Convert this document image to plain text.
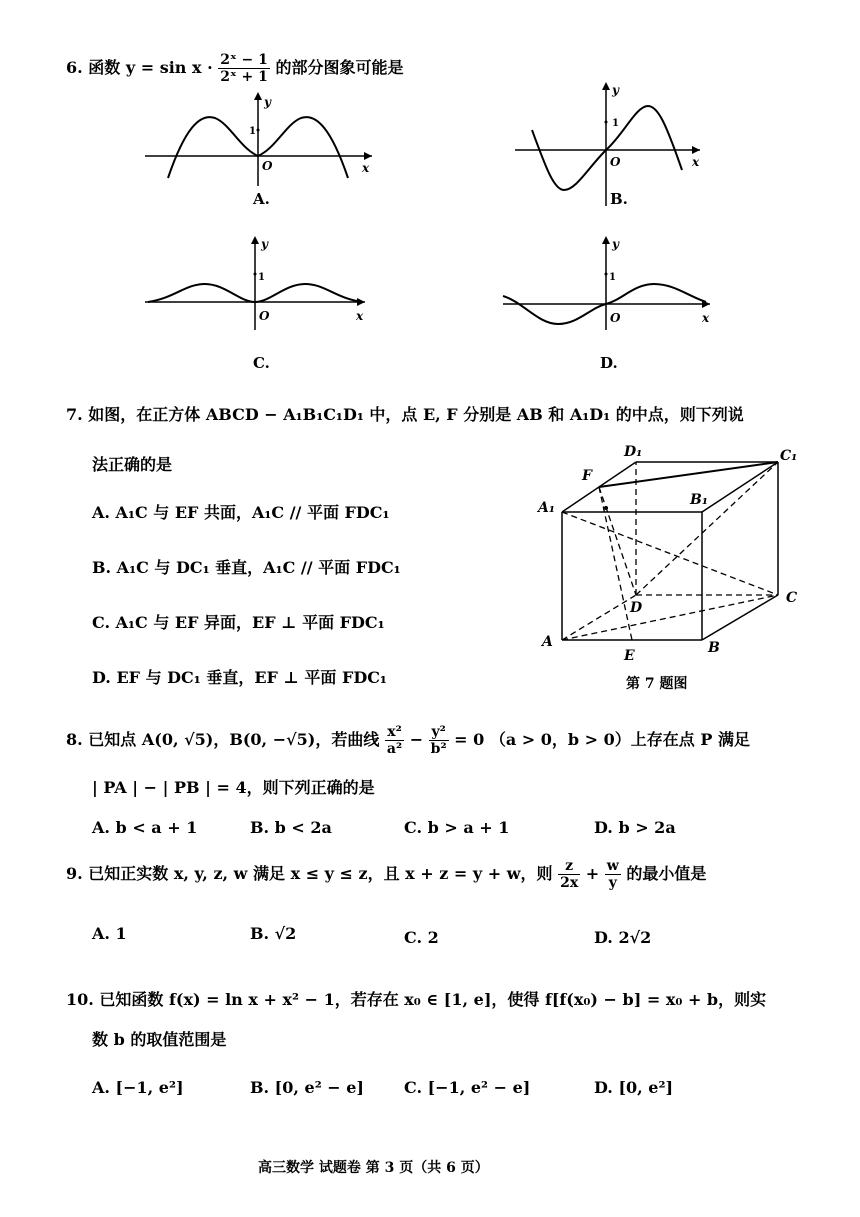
6. 函数 $y = \sin x \cdot \frac{\text{2ˣ − 1}}{\text{2ˣ + 1}}$ 的部分图象可能是
y
1
O	x
A.
y
1
O	x
B.
y
1
O	x
C.
y
1
O	x
D.
7. 如图，在正方体 ABCD − A₁B₁C₁D₁ 中，点 E, F 分别是 AB 和 A₁D₁ 的中点，则下列说
法正确的是
A. A₁C 与 EF 共面，A₁C // 平面 FDC₁
B. A₁C 与 DC₁ 垂直，A₁C // 平面 FDC₁
C. A₁C 与 EF 异面，EF ⊥ 平面 FDC₁
D. EF 与 DC₁ 垂直，EF ⊥ 平面 FDC₁
A	B
C
D
A₁	B₁
C₁
D₁
E
F
第 7 题图
8. 已知点 A(0, √5)，B(0, −√5)，若曲线 $\frac{\text{x²}}{\text{a²}} - \frac{\text{y²}}{\text{b²}} = 0$ （a > 0，b > 0）上存在点 P 满足
| PA | − | PB | = 4，则下列正确的是
A. b < a + 1	B. b < 2a	C. b > a + 1	D. b > 2a
9. 已知正实数 x, y, z, w 满足 x ≤ y ≤ z，且 x + z = y + w，则 $\frac{z}{2x} + \frac{w}{y}$ 的最小值是
A. 1	B. √2	C. 2	D. 2√2
10. 已知函数 f(x) = ln x + x² − 1，若存在 x₀ ∈ [1, e]，使得 f[f(x₀) − b] = x₀ + b，则实
数 b 的取值范围是
A. [−1, e²]	B. [0, e² − e]	C. [−1, e² − e]	D. [0, e²]
高三数学 试题卷 第 3 页（共 6 页）
